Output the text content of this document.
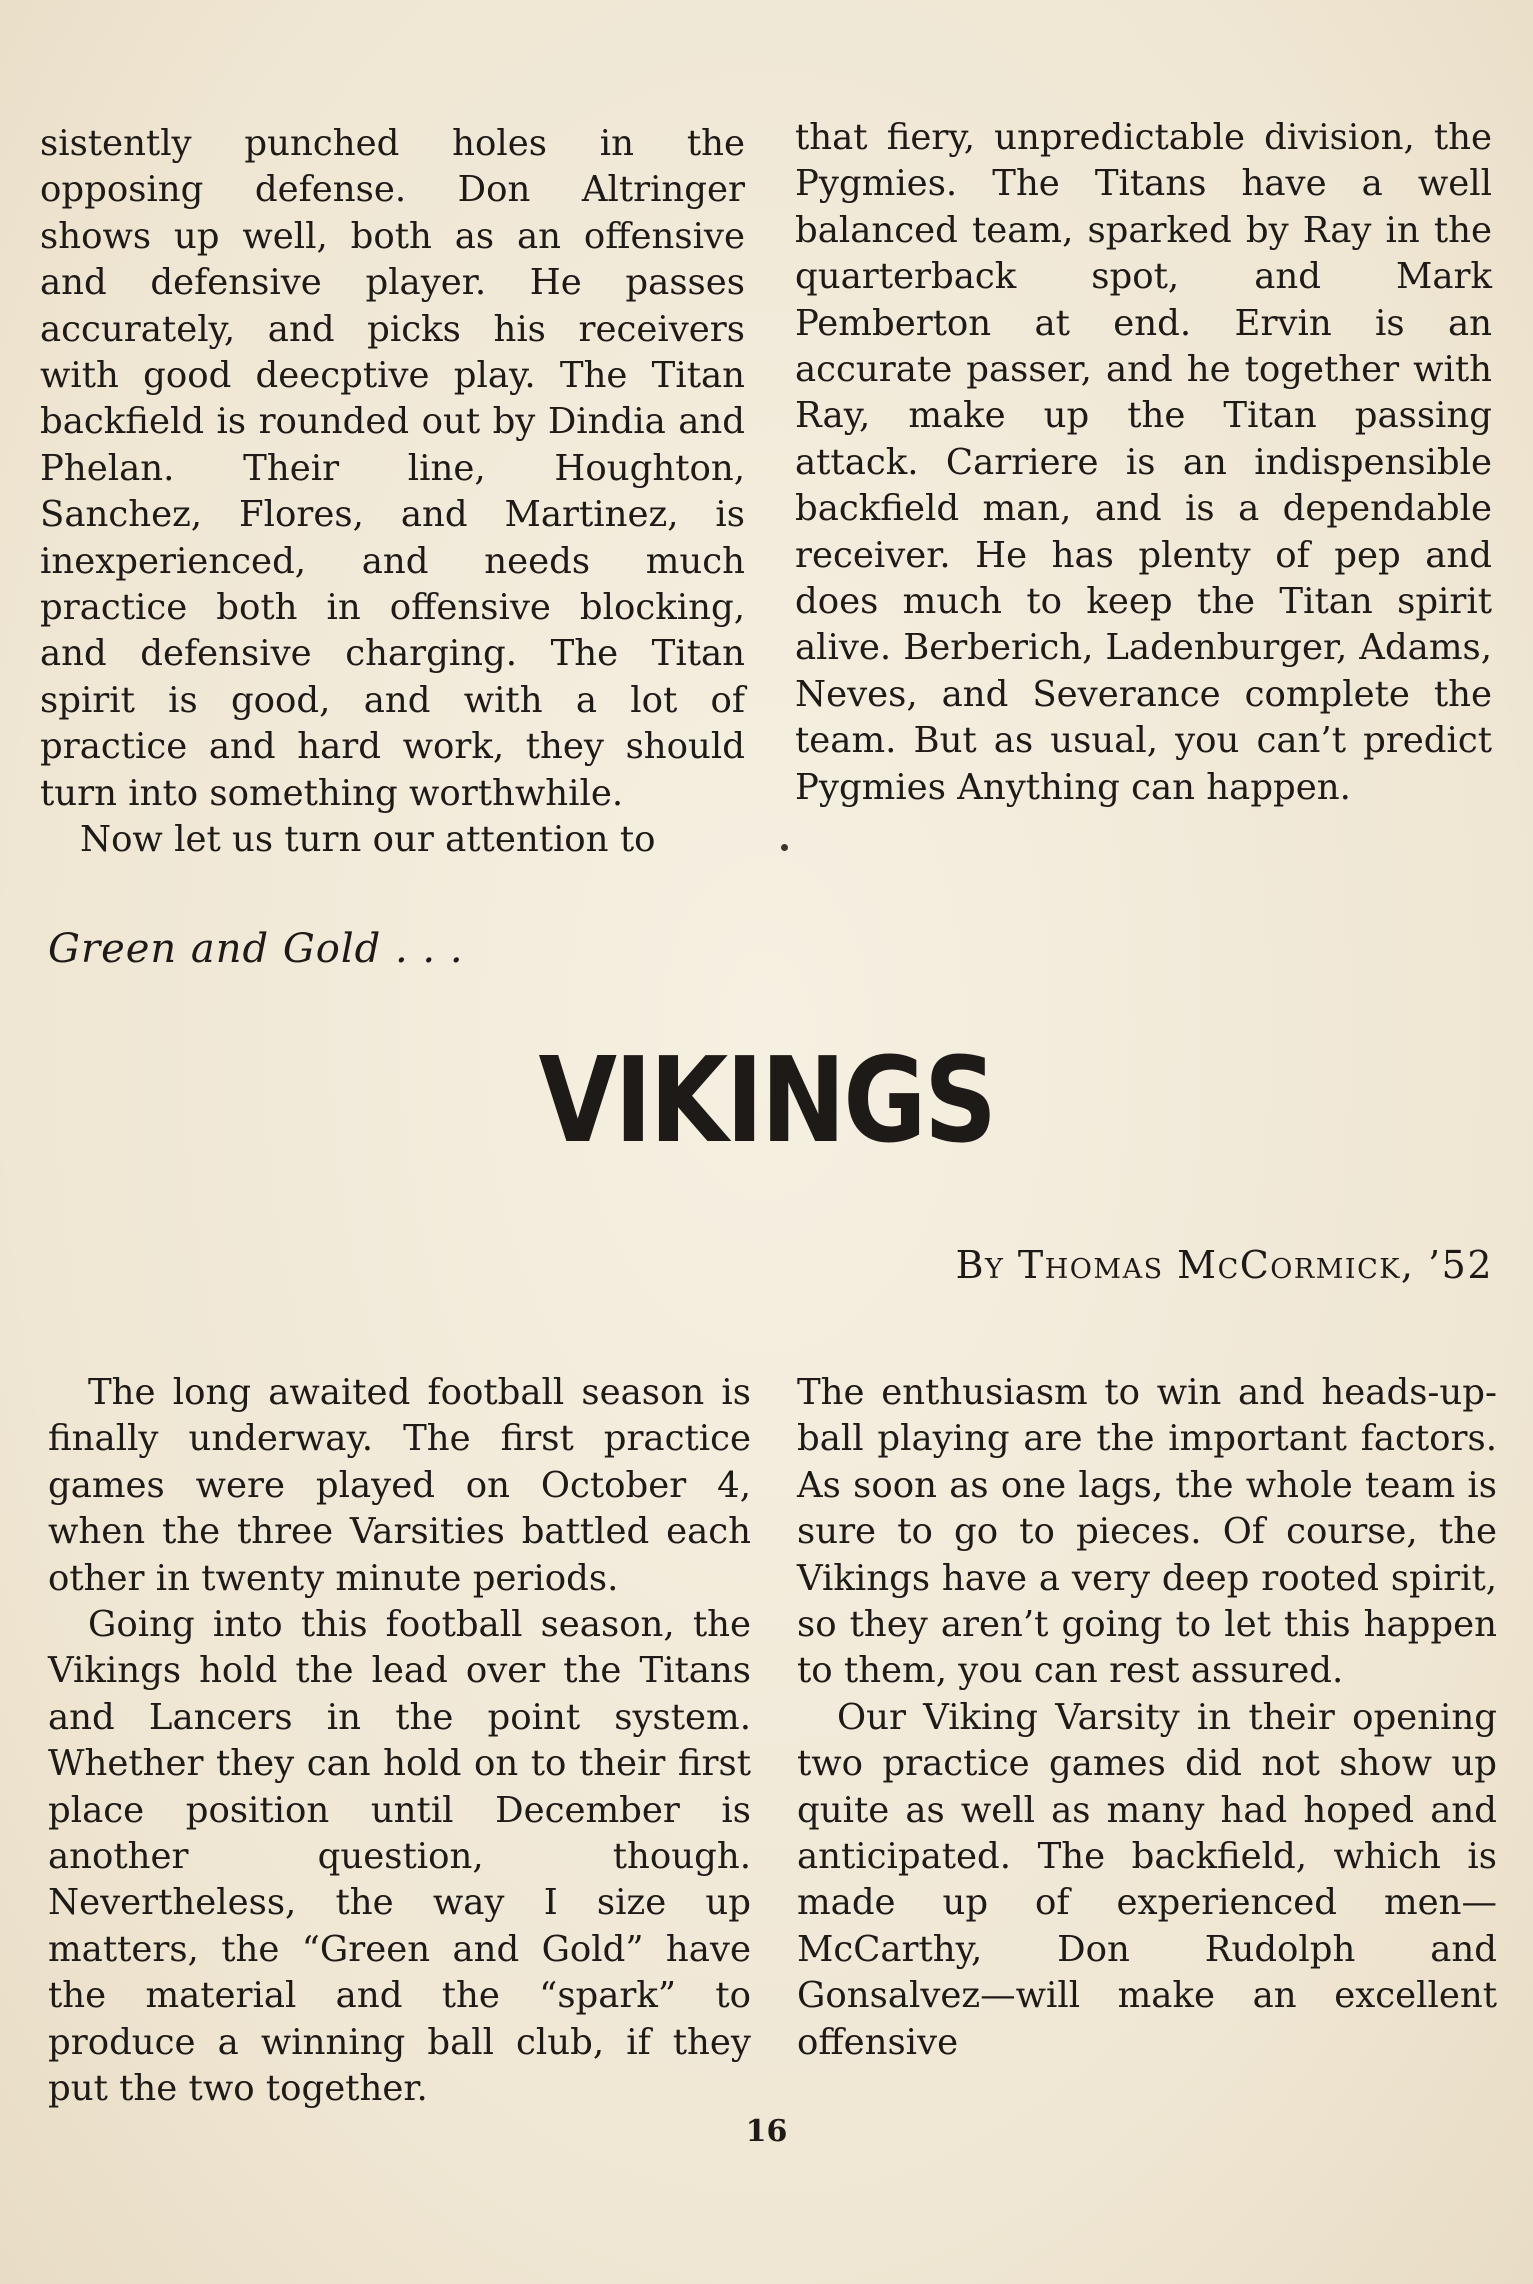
sistently punched holes in the opposing defense. Don Altringer shows up well, both as an offensive and defensive player. He passes accurately, and picks his receivers with good deecptive play. The Titan backfield is rounded out by Dindia and Phelan. Their line, Houghton, Sanchez, Flores, and Martinez, is inexperienced, and needs much practice both in offensive blocking, and defensive charging. The Titan spirit is good, and with a lot of practice and hard work, they should turn into something worthwhile.

Now let us turn our attention to

that fiery, unpredictable division, the Pygmies. The Titans have a well balanced team, sparked by Ray in the quarterback spot, and Mark Pemberton at end. Ervin is an accurate passer, and he together with Ray, make up the Titan passing attack. Carriere is an indispensible backfield man, and is a dependable receiver. He has plenty of pep and does much to keep the Titan spirit alive. Berberich, Ladenburger, Adams, Neves, and Severance complete the team. But as usual, you can’t predict Pygmies Anything can happen.

Green and Gold . . .
VIKINGS
By Thomas McCormick, ’52

The long awaited football season is finally underway. The first practice games were played on October 4, when the three Varsities battled each other in twenty minute periods.

Going into this football season, the Vikings hold the lead over the Titans and Lancers in the point system. Whether they can hold on to their first place position until December is another question, though. Nevertheless, the way I size up matters, the “Green and Gold” have the material and the “spark” to produce a winning ball club, if they put the two together.

The enthusiasm to win and heads-up-ball playing are the important factors. As soon as one lags, the whole team is sure to go to pieces. Of course, the Vikings have a very deep rooted spirit, so they aren’t going to let this happen to them, you can rest assured.

Our Viking Varsity in their opening two practice games did not show up quite as well as many had hoped and anticipated. The backfield, which is made up of experienced men—McCarthy, Don Rudolph and Gonsalvez—will make an excellent offensive

16
